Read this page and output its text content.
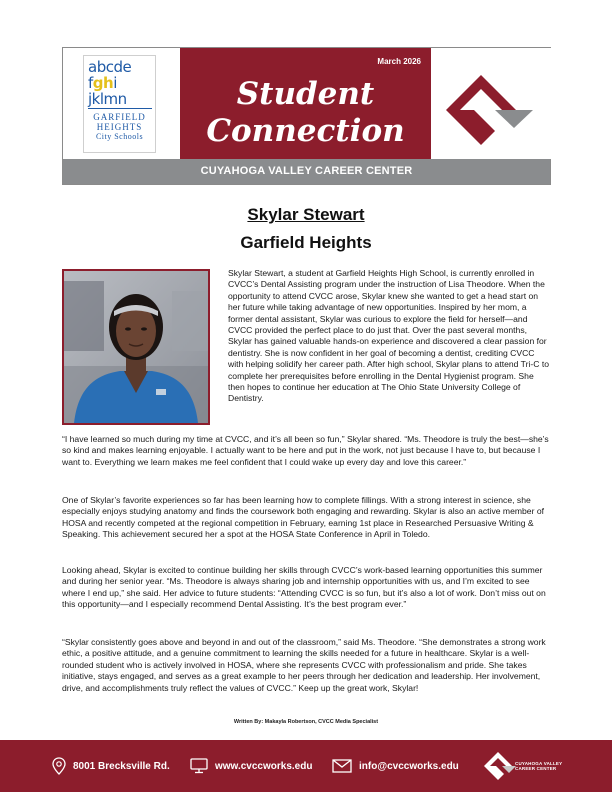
abcde
fghi
jklmn
GARFIELD
HEIGHTS
City Schools
March 2026
Student
Connection
CUYAHOGA VALLEY CAREER CENTER
Skylar Stewart
Garfield Heights

Skylar Stewart, a student at Garfield Heights High School, is currently enrolled in CVCC’s Dental Assisting program under the instruction of Lisa Theodore. When the opportunity to attend CVCC arose, Skylar knew she wanted to get a head start on her future while taking advantage of new opportunities. Inspired by her mom, a former dental assistant, Skylar was curious to explore the field for herself—and CVCC provided the perfect place to do just that. Over the past several months, Skylar has gained valuable hands-on experience and discovered a clear passion for dentistry. She is now confident in her goal of becoming a dentist, crediting CVCC with helping solidify her career path. After high school, Skylar plans to attend Tri-C to complete her prerequisites before enrolling in the Dental Hygienist program. She then hopes to continue her education at The Ohio State University College of Dentistry.

“I have learned so much during my time at CVCC, and it’s all been so fun,” Skylar shared. “Ms. Theodore is truly the best—she’s so kind and makes learning enjoyable. I actually want to be here and put in the work, not just because I have to, but because I want to. Everything we learn makes me feel confident that I could wake up every day and love this career.”

One of Skylar’s favorite experiences so far has been learning how to complete fillings. With a strong interest in science, she especially enjoys studying anatomy and finds the coursework both engaging and rewarding. Skylar is also an active member of HOSA and recently competed at the regional competition in February, earning 1st place in Researched Persuasive Writing & Speaking. This achievement secured her a spot at the HOSA State Conference in April in Toledo.

Looking ahead, Skylar is excited to continue building her skills through CVCC’s work-based learning opportunities this summer and during her senior year. “Ms. Theodore is always sharing job and internship opportunities with us, and I’m excited to see where I end up,” she said. Her advice to future students: “Attending CVCC is so fun, but it’s also a lot of work. Don’t miss out on this opportunity—and I especially recommend Dental Assisting. It’s the best program ever.”

“Skylar consistently goes above and beyond in and out of the classroom,” said Ms. Theodore. “She demonstrates a strong work ethic, a positive attitude, and a genuine commitment to learning the skills needed for a future in healthcare. Skylar is a well-rounded student who is actively involved in HOSA, where she represents CVCC with professionalism and pride. She takes initiative, stays engaged, and serves as a great example to her peers through her dedication and leadership. Her involvement, drive, and accomplishments truly reflect the values of CVCC.” Keep up the great work, Skylar!

Written By: Makayla Robertson, CVCC Media Specialist
8001 Brecksville Rd.	www.cvccworks.edu	info@cvccworks.edu	CUYAHOGA VALLEY
CAREER CENTER
